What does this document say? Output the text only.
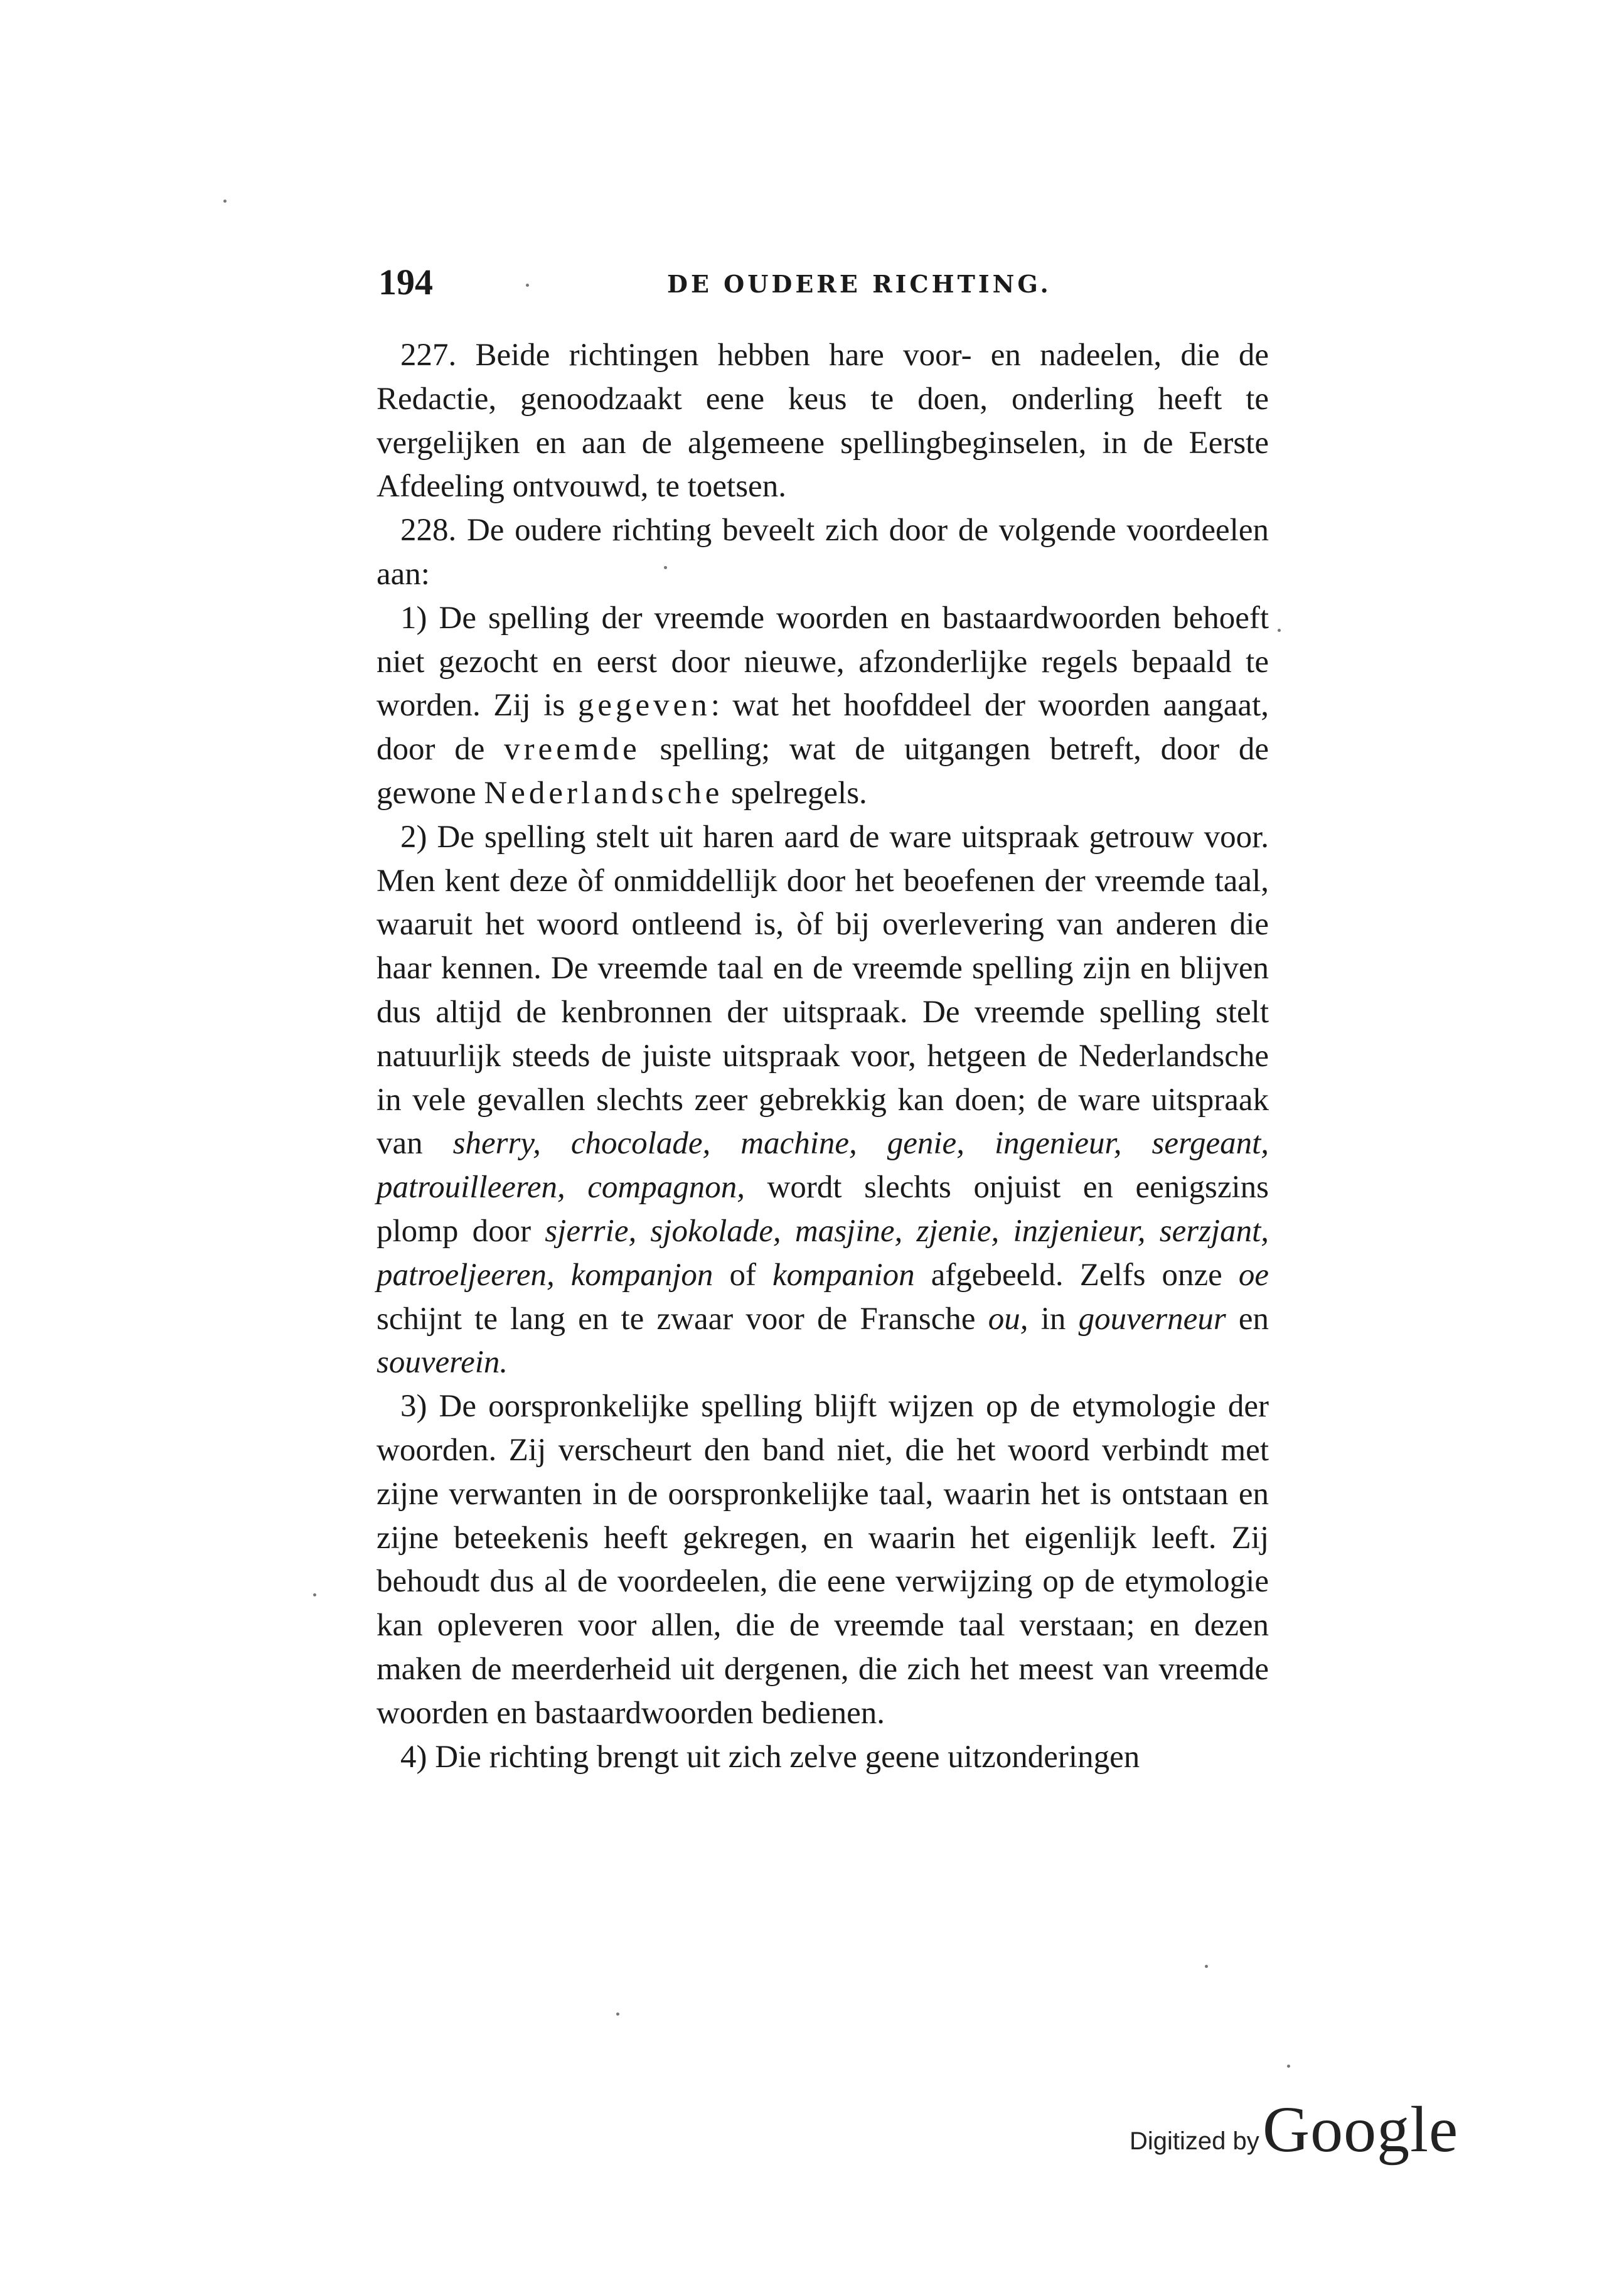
194	DE OUDERE RICHTING.

227. Beide richtingen hebben hare voor- en nadeelen, die de Redactie, genoodzaakt eene keus te doen, onderling heeft te vergelijken en aan de algemeene spellingbeginselen, in de Eerste Afdeeling ontvouwd, te toetsen.

228. De oudere richting beveelt zich door de volgende voordeelen aan:

1) De spelling der vreemde woorden en bastaardwoorden behoeft niet gezocht en eerst door nieuwe, afzonderlijke regels bepaald te worden. Zij is gegeven: wat het hoofddeel der woorden aangaat, door de vreemde spelling; wat de uitgangen betreft, door de gewone Nederlandsche spelregels.

2) De spelling stelt uit haren aard de ware uitspraak getrouw voor. Men kent deze òf onmiddellijk door het beoefenen der vreemde taal, waaruit het woord ontleend is, òf bij overlevering van anderen die haar kennen. De vreemde taal en de vreemde spelling zijn en blijven dus altijd de kenbronnen der uitspraak. De vreemde spelling stelt natuurlijk steeds de juiste uitspraak voor, hetgeen de Nederlandsche in vele gevallen slechts zeer gebrekkig kan doen; de ware uitspraak van sherry, chocolade, machine, genie, ingenieur, sergeant, patrouilleeren, compagnon, wordt slechts onjuist en eenigszins plomp door sjerrie, sjokolade, masjine, zjenie, inzjenieur, serzjant, patroeljeeren, kompanjon of kompanion afgebeeld. Zelfs onze oe schijnt te lang en te zwaar voor de Fransche ou, in gouverneur en souverein.

3) De oorspronkelijke spelling blijft wijzen op de etymologie der woorden. Zij verscheurt den band niet, die het woord verbindt met zijne verwanten in de oorspronkelijke taal, waarin het is ontstaan en zijne beteekenis heeft gekregen, en waarin het eigenlijk leeft. Zij behoudt dus al de voordeelen, die eene verwijzing op de etymologie kan opleveren voor allen, die de vreemde taal verstaan; en dezen maken de meerderheid uit dergenen, die zich het meest van vreemde woorden en bastaardwoorden bedienen.

4) Die richting brengt uit zich zelve geene uitzonderingen

Digitized by Google
